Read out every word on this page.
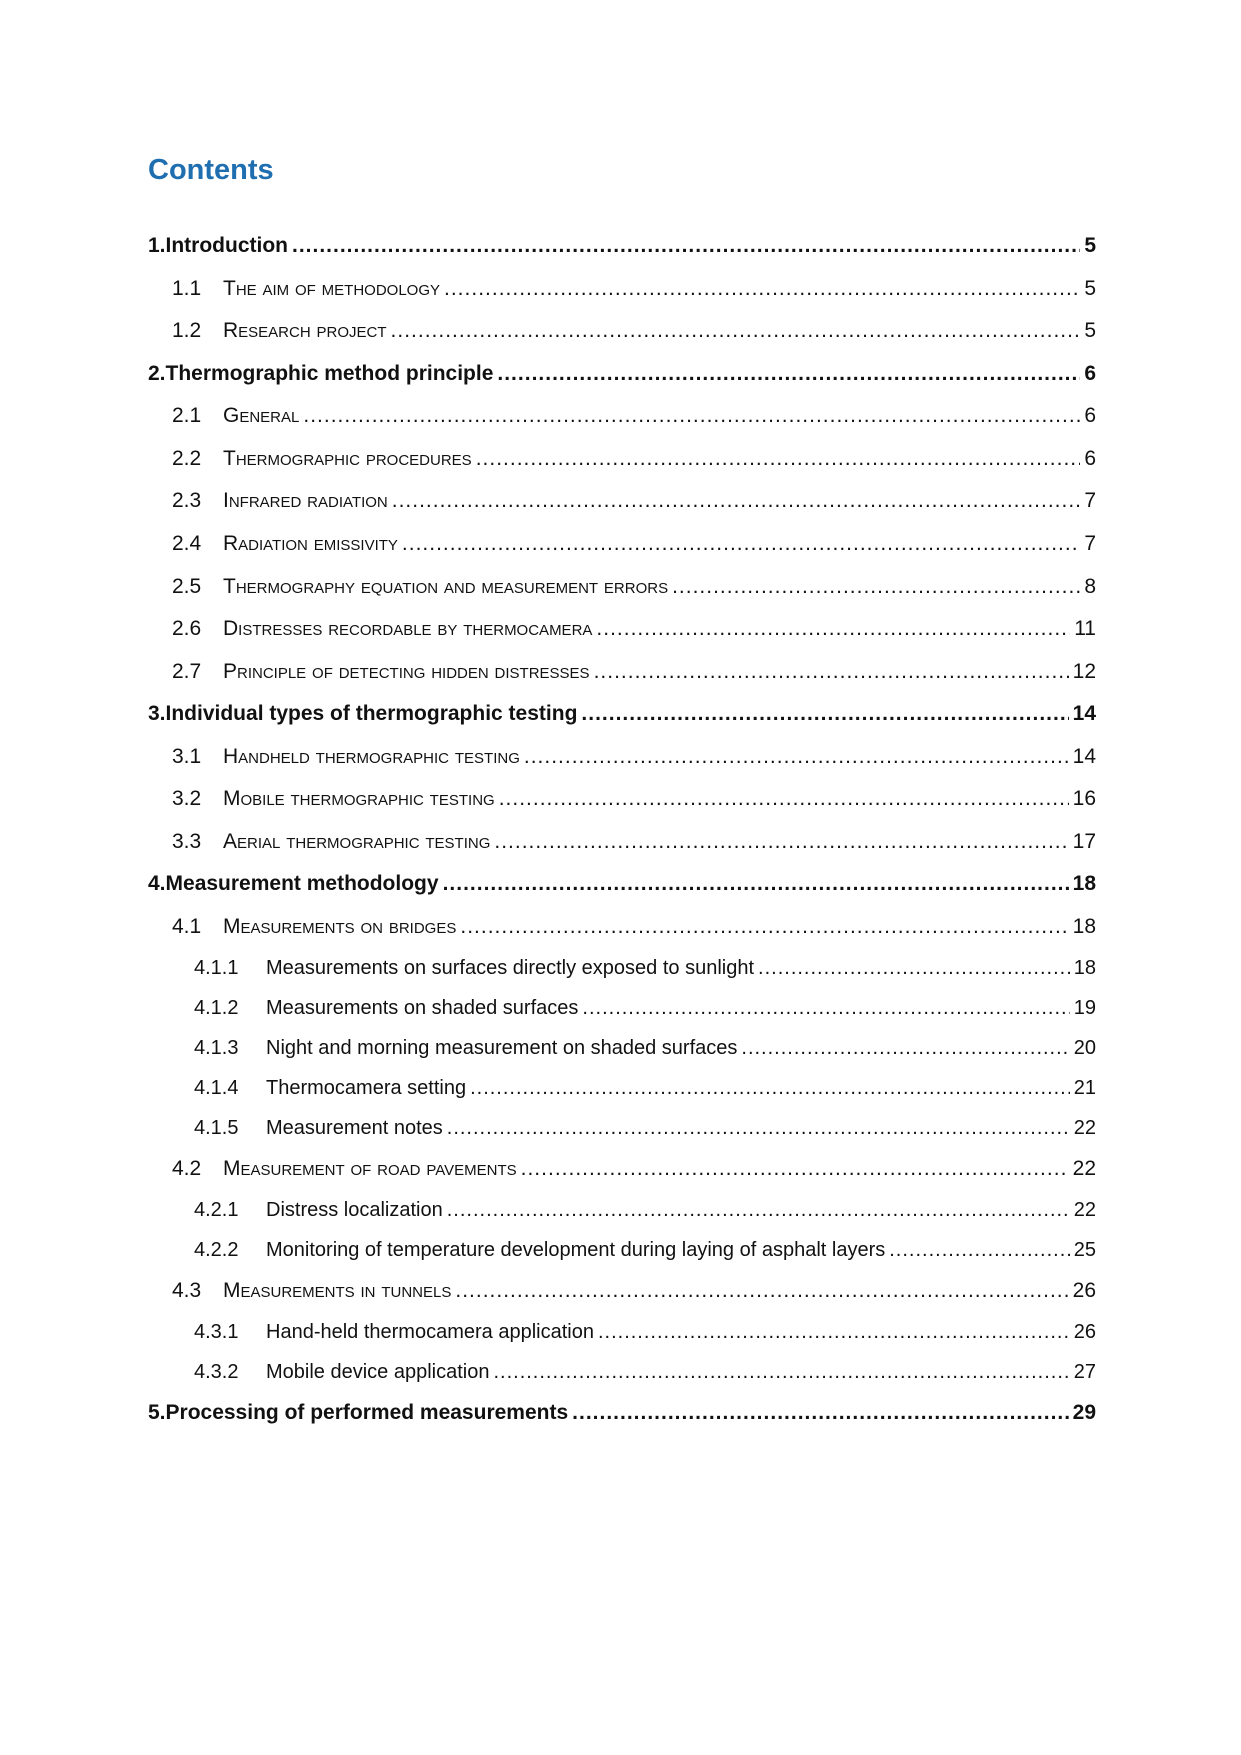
Contents
1. Introduction .....	5
1.1	The aim of methodology .....	5
1.2	Research project .....	5
2. Thermographic method principle .....	6
2.1	General .....	6
2.2	Thermographic procedures .....	6
2.3	Infrared radiation .....	7
2.4	Radiation emissivity .....	7
2.5	Thermography equation and measurement errors .....	8
2.6	Distresses recordable by thermocamera .....	11
2.7	Principle of detecting hidden distresses .....	12
3. Individual types of thermographic testing .....	14
3.1	Handheld thermographic testing .....	14
3.2	Mobile thermographic testing .....	16
3.3	Aerial thermographic testing .....	17
4. Measurement methodology .....	18
4.1	Measurements on bridges .....	18
4.1.1	Measurements on surfaces directly exposed to sunlight .....	18
4.1.2	Measurements on shaded surfaces .....	19
4.1.3	Night and morning measurement on shaded surfaces .....	20
4.1.4	Thermocamera setting .....	21
4.1.5	Measurement notes .....	22
4.2	Measurement of road pavements .....	22
4.2.1	Distress localization .....	22
4.2.2	Monitoring of temperature development during laying of asphalt layers .....	25
4.3	Measurements in tunnels .....	26
4.3.1	Hand-held thermocamera application .....	26
4.3.2	Mobile device application .....	27
5. Processing of performed measurements .....	29
